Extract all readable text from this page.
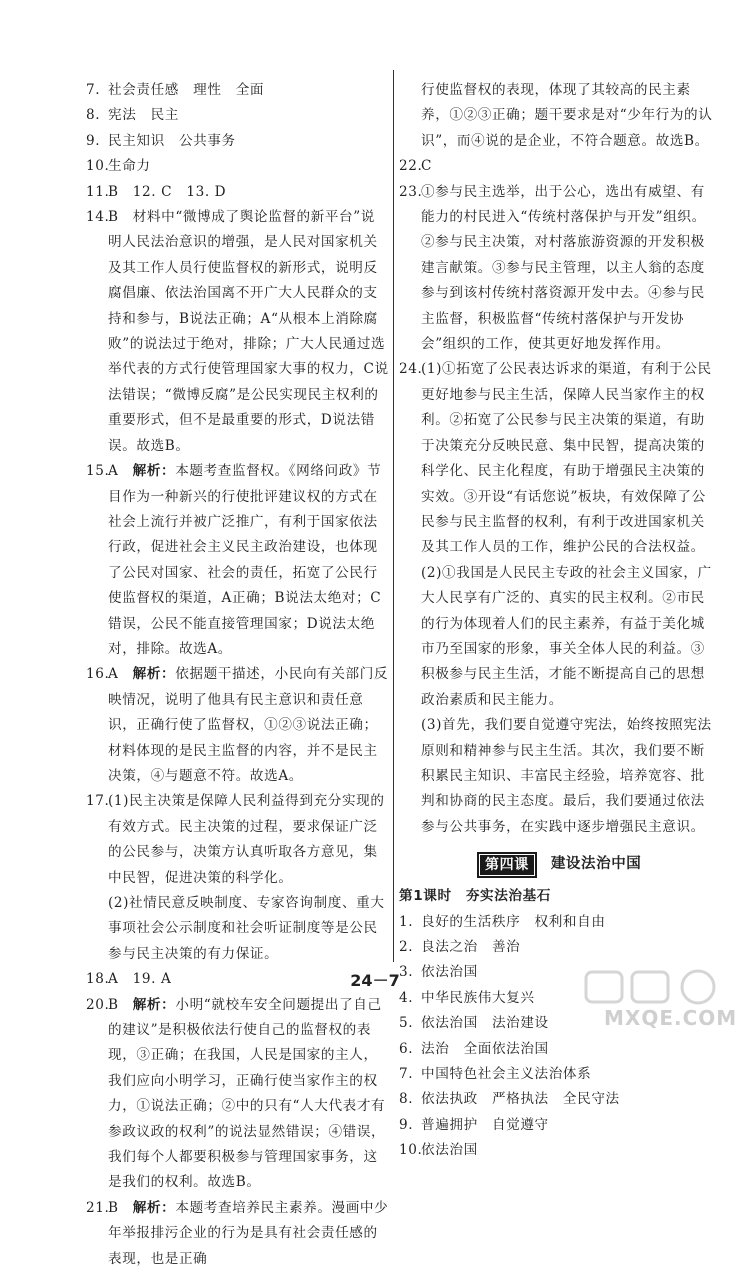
7. 社会责任感　理性　全面
8. 宪法　民主
9. 民主知识　公共事务
10.
生命力
11.
B　12. C　13. D
14.
B　材料中“微博成了舆论监督的新平台”说明人民法治意识的增强，是人民对国家机关及其工作人员行使监督权的新形式，说明反腐倡廉、依法治国离不开广大人民群众的支持和参与，B说法正确；A“从根本上消除腐败”的说法过于绝对，排除；广大人民通过选举代表的方式行使管理国家大事的权力，C说法错误；“微博反腐”是公民实现民主权利的重要形式，但不是最重要的形式，D说法错误。故选B。
15.
A　解析：本题考查监督权。《网络问政》节目作为一种新兴的行使批评建议权的方式在社会上流行并被广泛推广，有利于国家依法行政，促进社会主义民主政治建设，也体现了公民对国家、社会的责任，拓宽了公民行使监督权的渠道，A正确；B说法太绝对；C错误，公民不能直接管理国家；D说法太绝对，排除。故选A。
16.
A　解析：依据题干描述，小民向有关部门反映情况，说明了他具有民主意识和责任意识，正确行使了监督权，①②③说法正确；材料体现的是民主监督的内容，并不是民主决策，④与题意不符。故选A。
17.
(1)民主决策是保障人民利益得到充分实现的有效方式。民主决策的过程，要求保证广泛的公民参与，决策方认真听取各方意见，集中民智，促进决策的科学化。
(2)社情民意反映制度、专家咨询制度、重大事项社会公示制度和社会听证制度等是公民参与民主决策的有力保证。
18.
A　19. A
20.
B　解析：小明“就校车安全问题提出了自己的建议”是积极依法行使自己的监督权的表现，③正确；在我国，人民是国家的主人，我们应向小明学习，正确行使当家作主的权力，①说法正确；②中的只有“人大代表才有参政议政的权利”的说法显然错误；④错误，我们每个人都要积极参与管理国家事务，这是我们的权利。故选B。
21.
B　解析：本题考查培养民主素养。漫画中少年举报排污企业的行为是具有社会责任感的表现，也是正确
行使监督权的表现，体现了其较高的民主素养，①②③正确；题干要求是对“少年行为的认识”，而④说的是企业，不符合题意。故选B。
22.
C
23.
①参与民主选举，出于公心，选出有威望、有能力的村民进入“传统村落保护与开发”组织。②参与民主决策，对村落旅游资源的开发积极建言献策。③参与民主管理，以主人翁的态度参与到该村传统村落资源开发中去。④参与民主监督，积极监督“传统村落保护与开发协会”组织的工作，使其更好地发挥作用。
24.
(1)①拓宽了公民表达诉求的渠道，有利于公民更好地参与民主生活，保障人民当家作主的权利。②拓宽了公民参与民主决策的渠道，有助于决策充分反映民意、集中民智，提高决策的科学化、民主化程度，有助于增强民主决策的实效。③开设“有话您说”板块，有效保障了公民参与民主监督的权利，有利于改进国家机关及其工作人员的工作，维护公民的合法权益。
(2)①我国是人民民主专政的社会主义国家，广大人民享有广泛的、真实的民主权利。②市民的行为体现着人们的民主素养，有益于美化城市乃至国家的形象，事关全体人民的利益。③积极参与民主生活，才能不断提高自己的思想政治素质和民主能力。
(3)首先，我们要自觉遵守宪法，始终按照宪法原则和精神参与民主生活。其次，我们要不断积累民主知识、丰富民主经验，培养宽容、批判和协商的民主态度。最后，我们要通过依法参与公共事务，在实践中逐步增强民主意识。
第四课	建设法治中国
第1课时　夯实法治基石
1. 良好的生活秩序　权利和自由
2. 良法之治　善治
3. 依法治国
4. 中华民族伟大复兴
5. 依法治国　法治建设
6. 法治　全面依法治国
7. 中国特色社会主义法治体系
8. 依法执政　严格执法　全民守法
9. 普遍拥护　自觉遵守
10.
依法治国
24－7
MXQE.COM
